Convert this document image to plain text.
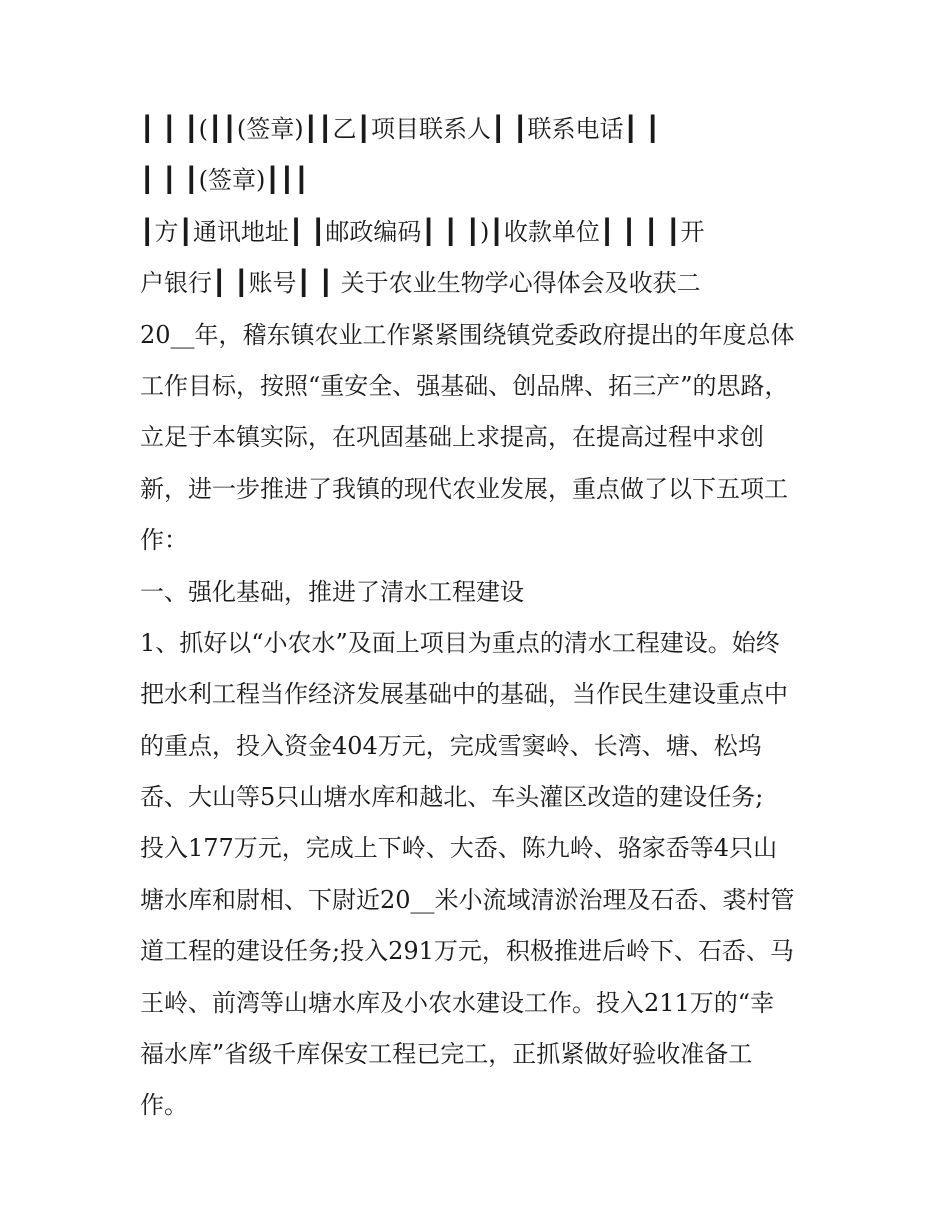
┃ ┃ ┃(┃┃(签章)┃┃乙┃项目联系人┃ ┃联系电话┃ ┃
┃ ┃ ┃(签章)┃┃┃
┃方┃通讯地址┃ ┃邮政编码┃ ┃ ┃)┃收款单位┃ ┃ ┃ ┃开
户银行┃ ┃账号┃ ┃ 关于农业生物学心得体会及收获二
20__年，稽东镇农业工作紧紧围绕镇党委政府提出的年度总体
工作目标，按照“重安全、强基础、创品牌、拓三产”的思路，
立足于本镇实际，在巩固基础上求提高，在提高过程中求创
新，进一步推进了我镇的现代农业发展，重点做了以下五项工
作：
一、强化基础，推进了清水工程建设
1、抓好以“小农水”及面上项目为重点的清水工程建设。始终
把水利工程当作经济发展基础中的基础，当作民生建设重点中
的重点，投入资金404万元，完成雪窦岭、长湾、塘、松坞
岙、大山等5只山塘水库和越北、车头灌区改造的建设任务;
投入177万元，完成上下岭、大岙、陈九岭、骆家岙等4只山
塘水库和尉相、下尉近20__米小流域清淤治理及石岙、裘村管
道工程的建设任务;投入291万元，积极推进后岭下、石岙、马
王岭、前湾等山塘水库及小农水建设工作。投入211万的“幸
福水库”省级千库保安工程已完工，正抓紧做好验收准备工
作。
